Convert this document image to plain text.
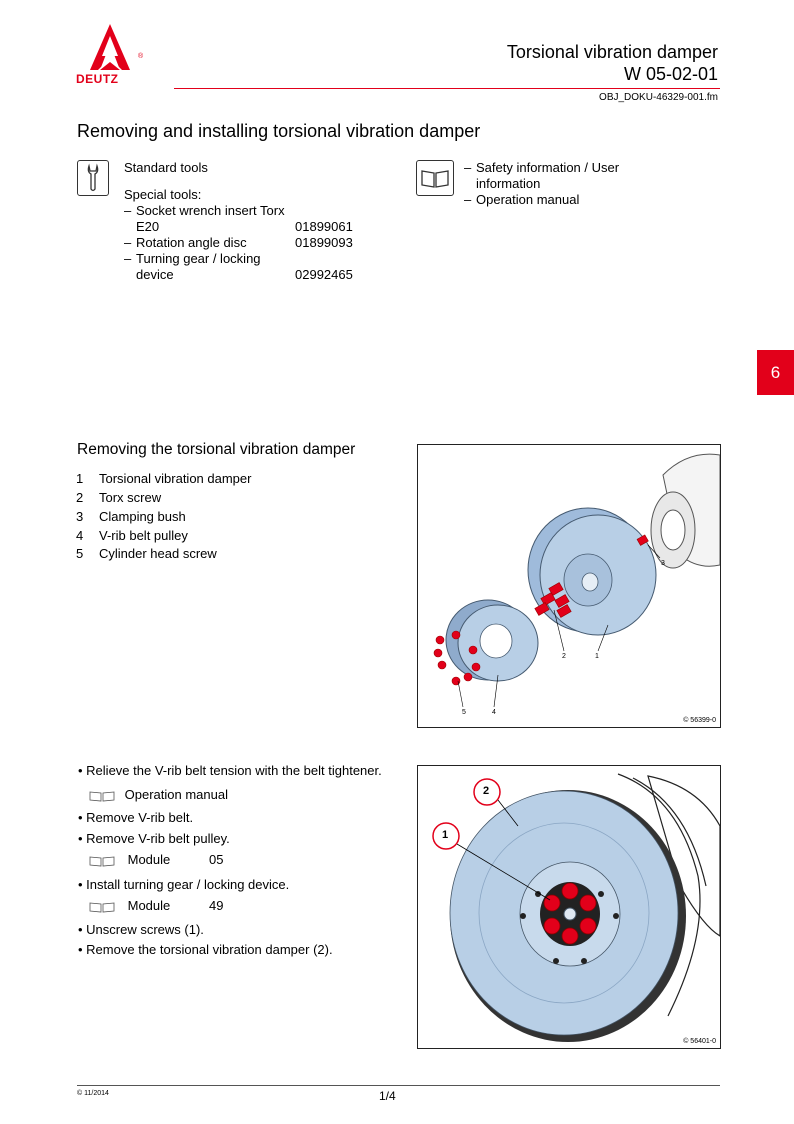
DEUTZ
®	Torsional vibration damper
W 05-02-01
OBJ_DOKU-46329-001.fm
Removing and installing torsional vibration damper
Standard tools
Special tools:
– Socket wrench insert Torx
E20	01899061
– Rotation angle disc	01899093
– Turning gear / locking
device	02992465
– Safety information / User
information
– Operation manual
6
Removing the torsional vibration damper
1 Torsional vibration damper
2 Torx screw
3 Clamping bush
4 V-rib belt pulley
5 Cylinder head screw
3
2	1
5	4
© 56399-0
• Relieve the V-rib belt tension with the belt tightener.
Operation manual
• Remove V-rib belt.
• Remove V-rib belt pulley.
Module	05
• Install turning gear / locking device.
Module	49
• Unscrew screws (1).
• Remove the torsional vibration damper (2).
2
1
© 56401-0
© 11/2014	1/4
